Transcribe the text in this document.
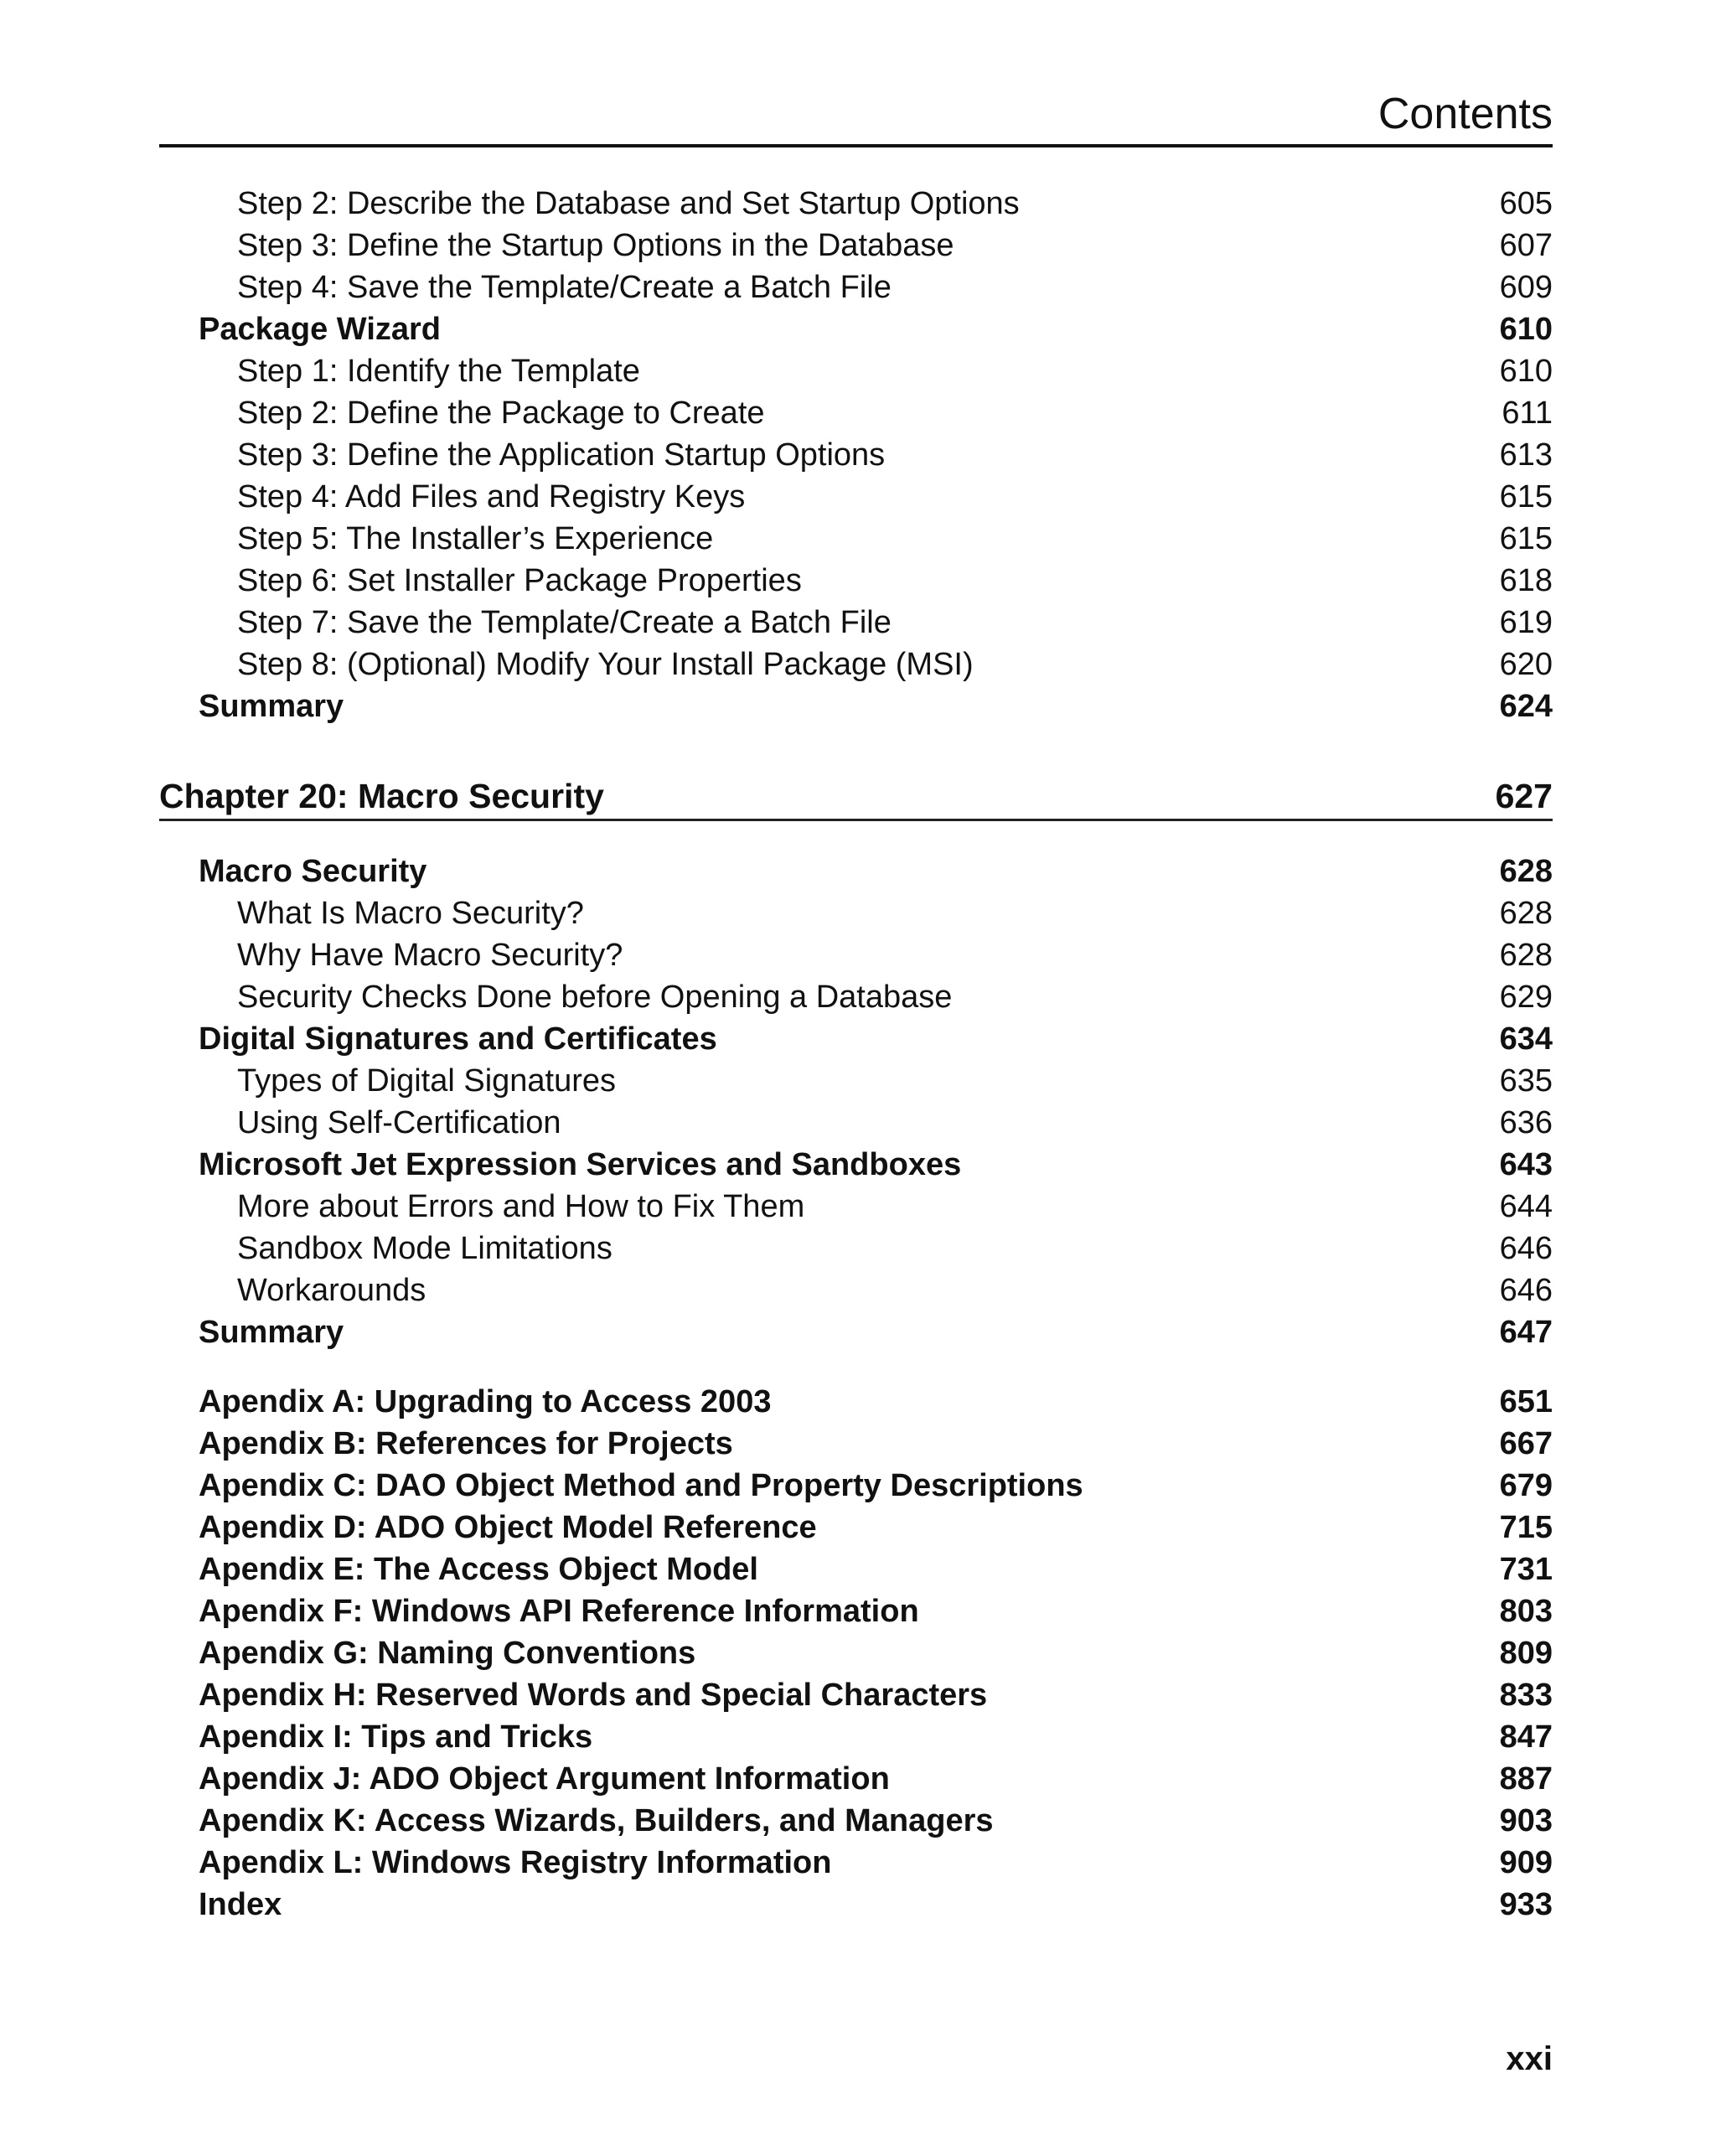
Contents
Step 2: Describe the Database and Set Startup Options	605
Step 3: Define the Startup Options in the Database	607
Step 4: Save the Template/Create a Batch File	609
Package Wizard	610
Step 1: Identify the Template	610
Step 2: Define the Package to Create	611
Step 3: Define the Application Startup Options	613
Step 4: Add Files and Registry Keys	615
Step 5: The Installer’s Experience	615
Step 6: Set Installer Package Properties	618
Step 7: Save the Template/Create a Batch File	619
Step 8: (Optional) Modify Your Install Package (MSI)	620
Summary	624
Chapter 20: Macro Security	627
Macro Security	628
What Is Macro Security?	628
Why Have Macro Security?	628
Security Checks Done before Opening a Database	629
Digital Signatures and Certificates	634
Types of Digital Signatures	635
Using Self-Certification	636
Microsoft Jet Expression Services and Sandboxes	643
More about Errors and How to Fix Them	644
Sandbox Mode Limitations	646
Workarounds	646
Summary	647
Apendix A: Upgrading to Access 2003	651
Apendix B: References for Projects	667
Apendix C: DAO Object Method and Property Descriptions	679
Apendix D: ADO Object Model Reference	715
Apendix E: The Access Object Model	731
Apendix F: Windows API Reference Information	803
Apendix G: Naming Conventions	809
Apendix H: Reserved Words and Special Characters	833
Apendix I: Tips and Tricks	847
Apendix J: ADO Object Argument Information	887
Apendix K: Access Wizards, Builders, and Managers	903
Apendix L: Windows Registry Information	909
Index	933
xxi
